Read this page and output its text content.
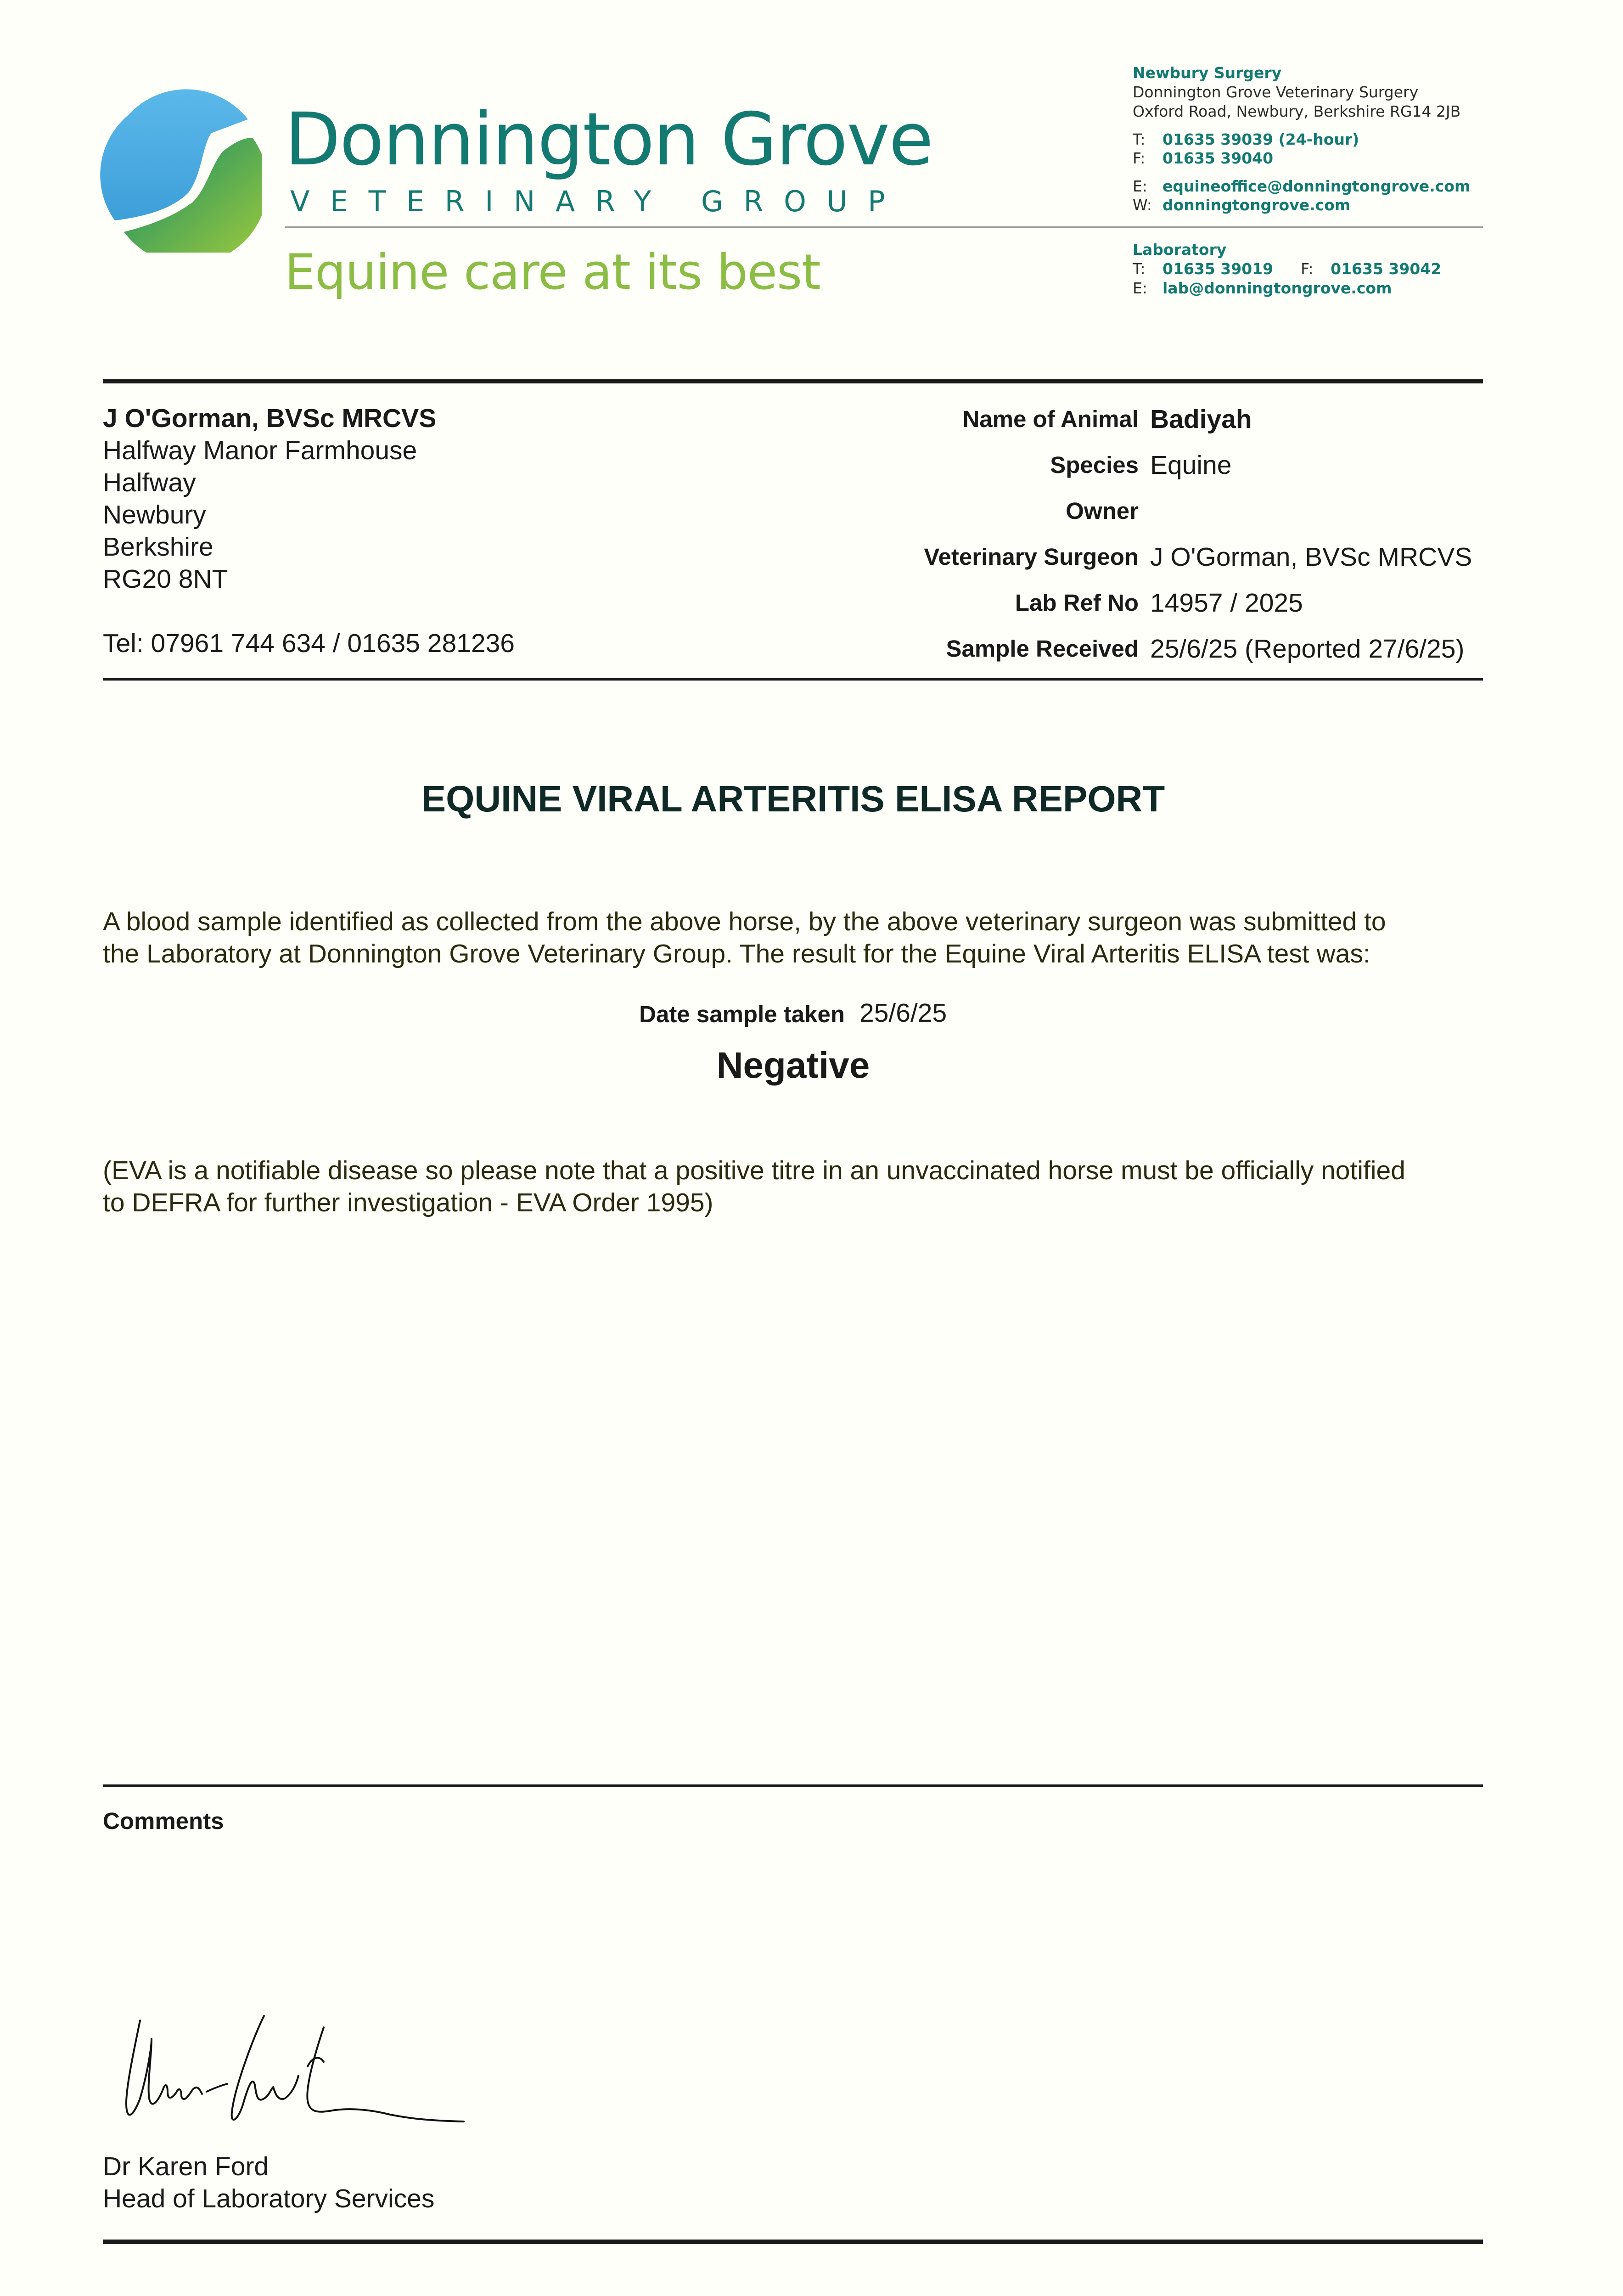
Donnington Grove
VETERINARY GROUP
Equine care at its best
Newbury Surgery
Donnington Grove Veterinary Surgery
Oxford Road, Newbury, Berkshire RG14 2JB
T: 01635 39039 (24-hour)
F: 01635 39040
E: equineoffice@donningtongrove.com
W: donningtongrove.com
Laboratory
T: 01635 39019 F: 01635 39042
E: lab@donningtongrove.com
J O'Gorman, BVSc MRCVS
Halfway Manor Farmhouse
Halfway
Newbury
Berkshire
RG20 8NT
Tel: 07961 744 634 / 01635 281236
Name of Animal Badiyah
Species Equine
Owner
Veterinary Surgeon J O'Gorman, BVSc MRCVS
Lab Ref No 14957 / 2025
Sample Received 25/6/25 (Reported 27/6/25)
EQUINE VIRAL ARTERITIS ELISA REPORT
A blood sample identified as collected from the above horse, by the above veterinary surgeon was submitted to
the Laboratory at Donnington Grove Veterinary Group. The result for the Equine Viral Arteritis ELISA test was:
Date sample taken 25/6/25
Negative
(EVA is a notifiable disease so please note that a positive titre in an unvaccinated horse must be officially notified
to DEFRA for further investigation - EVA Order 1995)
Comments
Dr Karen Ford
Head of Laboratory Services
